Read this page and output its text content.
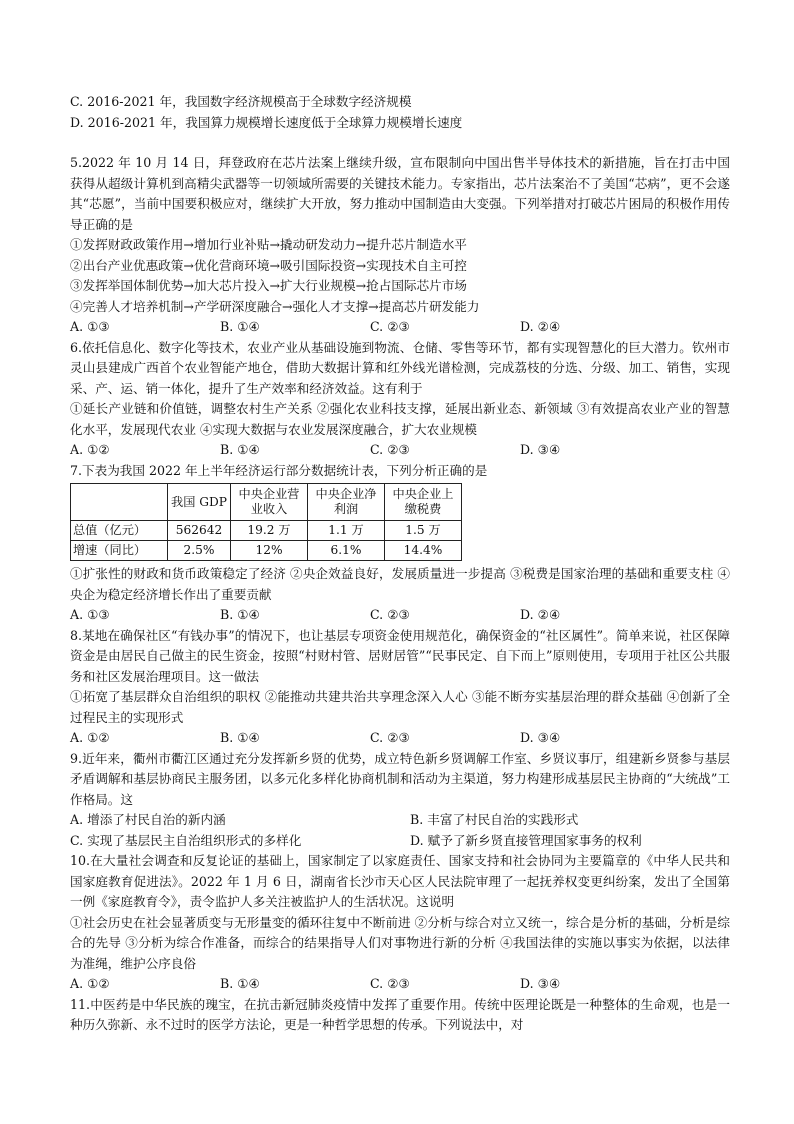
C. 2016-2021 年，我国数字经济规模高于全球数字经济规模
D. 2016-2021 年，我国算力规模增长速度低于全球算力规模增长速度
5.2022 年 10 月 14 日，拜登政府在芯片法案上继续升级，宣布限制向中国出售半导体技术的新措施，旨在打击中国获得从超级计算机到高精尖武器等一切领域所需要的关键技术能力。专家指出，芯片法案治不了美国“芯病”，更不会遂其“芯愿”，当前中国要积极应对，继续扩大开放，努力推动中国制造由大变强。下列举措对打破芯片困局的积极作用传导正确的是
①发挥财政政策作用→增加行业补贴→撬动研发动力→提升芯片制造水平
②出台产业优惠政策→优化营商环境→吸引国际投资→实现技术自主可控
③发挥举国体制优势→加大芯片投入→扩大行业规模→抢占国际芯片市场
④完善人才培养机制→产学研深度融合→强化人才支撑→提高芯片研发能力
A. ①③	B. ①④	C. ②③	D. ②④
6.依托信息化、数字化等技术，农业产业从基础设施到物流、仓储、零售等环节，都有实现智慧化的巨大潜力。钦州市灵山县建成广西首个农业智能产地仓，借助大数据计算和红外线光谱检测，完成荔枝的分选、分级、加工、销售，实现采、产、运、销一体化，提升了生产效率和经济效益。这有利于
①延长产业链和价值链，调整农村生产关系 ②强化农业科技支撑，延展出新业态、新领域 ③有效提高农业产业的智慧化水平，发展现代农业 ④实现大数据与农业发展深度融合，扩大农业规模
A. ①②	B. ①④	C. ②③	D. ③④
7.下表为我国 2022 年上半年经济运行部分数据统计表，下列分析正确的是
	我国 GDP	中央企业营业收入	中央企业净利润	中央企业上缴税费
总值（亿元）	562642	19.2 万	1.1 万	1.5 万
增速（同比）	2.5%	12%	6.1%	14.4%
①扩张性的财政和货币政策稳定了经济 ②央企效益良好，发展质量进一步提高 ③税费是国家治理的基础和重要支柱 ④央企为稳定经济增长作出了重要贡献
A. ①③	B. ①④	C. ②③	D. ②④
8.某地在确保社区“有钱办事”的情况下，也让基层专项资金使用规范化，确保资金的“社区属性”。简单来说，社区保障资金是由居民自己做主的民生资金，按照“村财村管、居财居管”“民事民定、自下而上”原则使用，专项用于社区公共服务和社区发展治理项目。这一做法
①拓宽了基层群众自治组织的职权 ②能推动共建共治共享理念深入人心 ③能不断夯实基层治理的群众基础 ④创新了全过程民主的实现形式
A. ①②	B. ①④	C. ②③	D. ③④
9.近年来，衢州市衢江区通过充分发挥新乡贤的优势，成立特色新乡贤调解工作室、乡贤议事厅，组建新乡贤参与基层矛盾调解和基层协商民主服务团，以多元化多样化协商机制和活动为主渠道，努力构建形成基层民主协商的“大统战”工作格局。这
A. 增添了村民自治的新内涵	B. 丰富了村民自治的实践形式
C. 实现了基层民主自治组织形式的多样化	D. 赋予了新乡贤直接管理国家事务的权利
10.在大量社会调查和反复论证的基础上，国家制定了以家庭责任、国家支持和社会协同为主要篇章的《中华人民共和国家庭教育促进法》。2022 年 1 月 6 日，湖南省长沙市天心区人民法院审理了一起抚养权变更纠纷案，发出了全国第一例《家庭教育令》，责令监护人多关注被监护人的生活状况。这说明
①社会历史在社会显著质变与无形量变的循环往复中不断前进 ②分析与综合对立又统一，综合是分析的基础，分析是综合的先导 ③分析为综合作准备，而综合的结果指导人们对事物进行新的分析 ④我国法律的实施以事实为依据，以法律为准绳，维护公序良俗
A. ①②	B. ①④	C. ②③	D. ③④
11.中医药是中华民族的瑰宝，在抗击新冠肺炎疫情中发挥了重要作用。传统中医理论既是一种整体的生命观，也是一种历久弥新、永不过时的医学方法论，更是一种哲学思想的传承。下列说法中，对
